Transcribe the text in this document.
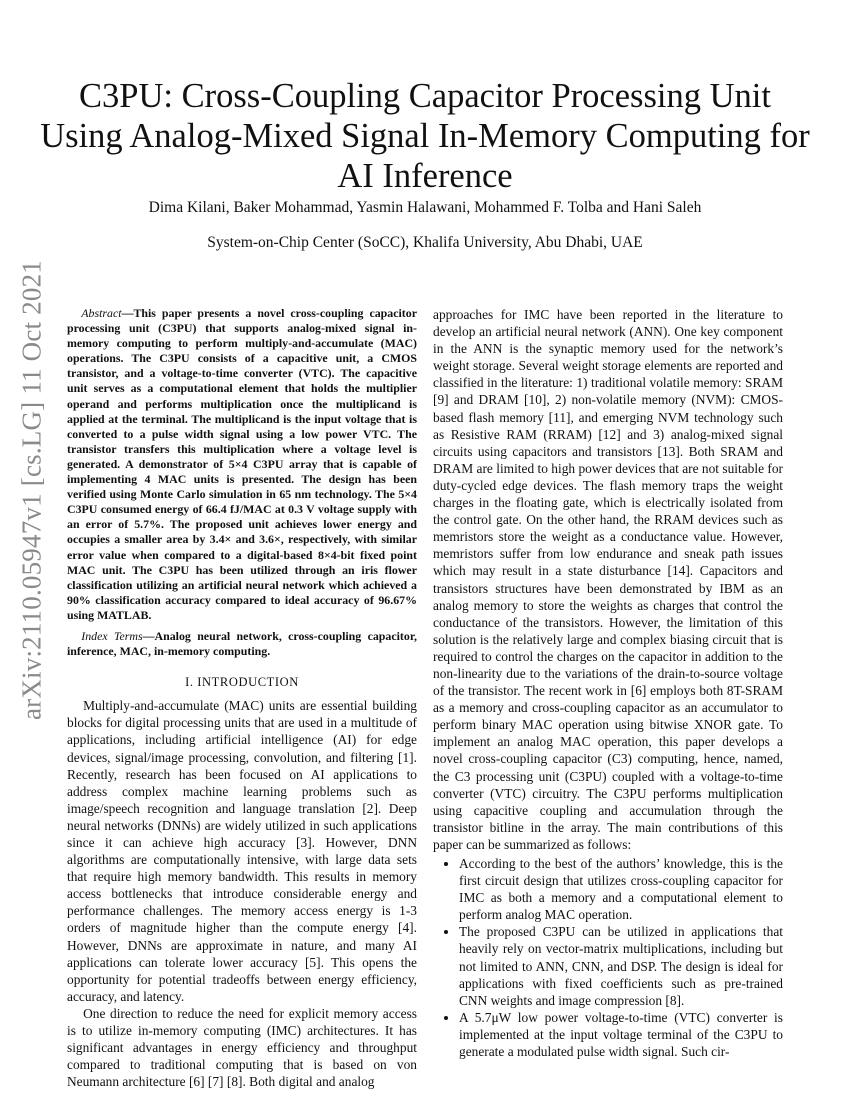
arXiv:2110.05947v1 [cs.LG] 11 Oct 2021
C3PU: Cross-Coupling Capacitor Processing Unit Using Analog-Mixed Signal In-Memory Computing for AI Inference
Dima Kilani, Baker Mohammad, Yasmin Halawani, Mohammed F. Tolba and Hani Saleh
System-on-Chip Center (SoCC), Khalifa University, Abu Dhabi, UAE

Abstract—This paper presents a novel cross-coupling capacitor processing unit (C3PU) that supports analog-mixed signal in-memory computing to perform multiply-and-accumulate (MAC) operations. The C3PU consists of a capacitive unit, a CMOS transistor, and a voltage-to-time converter (VTC). The capacitive unit serves as a computational element that holds the multiplier operand and performs multiplication once the multiplicand is applied at the terminal. The multiplicand is the input voltage that is converted to a pulse width signal using a low power VTC. The transistor transfers this multiplication where a voltage level is generated. A demonstrator of 5×4 C3PU array that is capable of implementing 4 MAC units is presented. The design has been verified using Monte Carlo simulation in 65 nm technology. The 5×4 C3PU consumed energy of 66.4 fJ/MAC at 0.3 V voltage supply with an error of 5.7%. The proposed unit achieves lower energy and occupies a smaller area by 3.4× and 3.6×, respectively, with similar error value when compared to a digital-based 8×4-bit fixed point MAC unit. The C3PU has been utilized through an iris flower classification utilizing an artificial neural network which achieved a 90% classification accuracy compared to ideal accuracy of 96.67% using MATLAB.

Index Terms—Analog neural network, cross-coupling capacitor, inference, MAC, in-memory computing.

I. INTRODUCTION

Multiply-and-accumulate (MAC) units are essential building blocks for digital processing units that are used in a multitude of applications, including artificial intelligence (AI) for edge devices, signal/image processing, convolution, and filtering [1]. Recently, research has been focused on AI applications to address complex machine learning problems such as image/speech recognition and language translation [2]. Deep neural networks (DNNs) are widely utilized in such applications since it can achieve high accuracy [3]. However, DNN algorithms are computationally intensive, with large data sets that require high memory bandwidth. This results in memory access bottlenecks that introduce considerable energy and performance challenges. The memory access energy is 1-3 orders of magnitude higher than the compute energy [4]. However, DNNs are approximate in nature, and many AI applications can tolerate lower accuracy [5]. This opens the opportunity for potential tradeoffs between energy efficiency, accuracy, and latency.

One direction to reduce the need for explicit memory access is to utilize in-memory computing (IMC) architectures. It has significant advantages in energy efficiency and throughput compared to traditional computing that is based on von Neumann architecture [6] [7] [8]. Both digital and analog

approaches for IMC have been reported in the literature to develop an artificial neural network (ANN). One key component in the ANN is the synaptic memory used for the network’s weight storage. Several weight storage elements are reported and classified in the literature: 1) traditional volatile memory: SRAM [9] and DRAM [10], 2) non-volatile memory (NVM): CMOS-based flash memory [11], and emerging NVM technology such as Resistive RAM (RRAM) [12] and 3) analog-mixed signal circuits using capacitors and transistors [13]. Both SRAM and DRAM are limited to high power devices that are not suitable for duty-cycled edge devices. The flash memory traps the weight charges in the floating gate, which is electrically isolated from the control gate. On the other hand, the RRAM devices such as memristors store the weight as a conductance value. However, memristors suffer from low endurance and sneak path issues which may result in a state disturbance [14]. Capacitors and transistors structures have been demonstrated by IBM as an analog memory to store the weights as charges that control the conductance of the transistors. However, the limitation of this solution is the relatively large and complex biasing circuit that is required to control the charges on the capacitor in addition to the non-linearity due to the variations of the drain-to-source voltage of the transistor. The recent work in [6] employs both 8T-SRAM as a memory and cross-coupling capacitor as an accumulator to perform binary MAC operation using bitwise XNOR gate. To implement an analog MAC operation, this paper develops a novel cross-coupling capacitor (C3) computing, hence, named, the C3 processing unit (C3PU) coupled with a voltage-to-time converter (VTC) circuitry. The C3PU performs multiplication using capacitive coupling and accumulation through the transistor bitline in the array. The main contributions of this paper can be summarized as follows:

• According to the best of the authors’ knowledge, this is the first circuit design that utilizes cross-coupling capacitor for IMC as both a memory and a computational element to perform analog MAC operation.
• The proposed C3PU can be utilized in applications that heavily rely on vector-matrix multiplications, including but not limited to ANN, CNN, and DSP. The design is ideal for applications with fixed coefficients such as pre-trained CNN weights and image compression [8].
• A 5.7μW low power voltage-to-time (VTC) converter is implemented at the input voltage terminal of the C3PU to generate a modulated pulse width signal. Such cir-
